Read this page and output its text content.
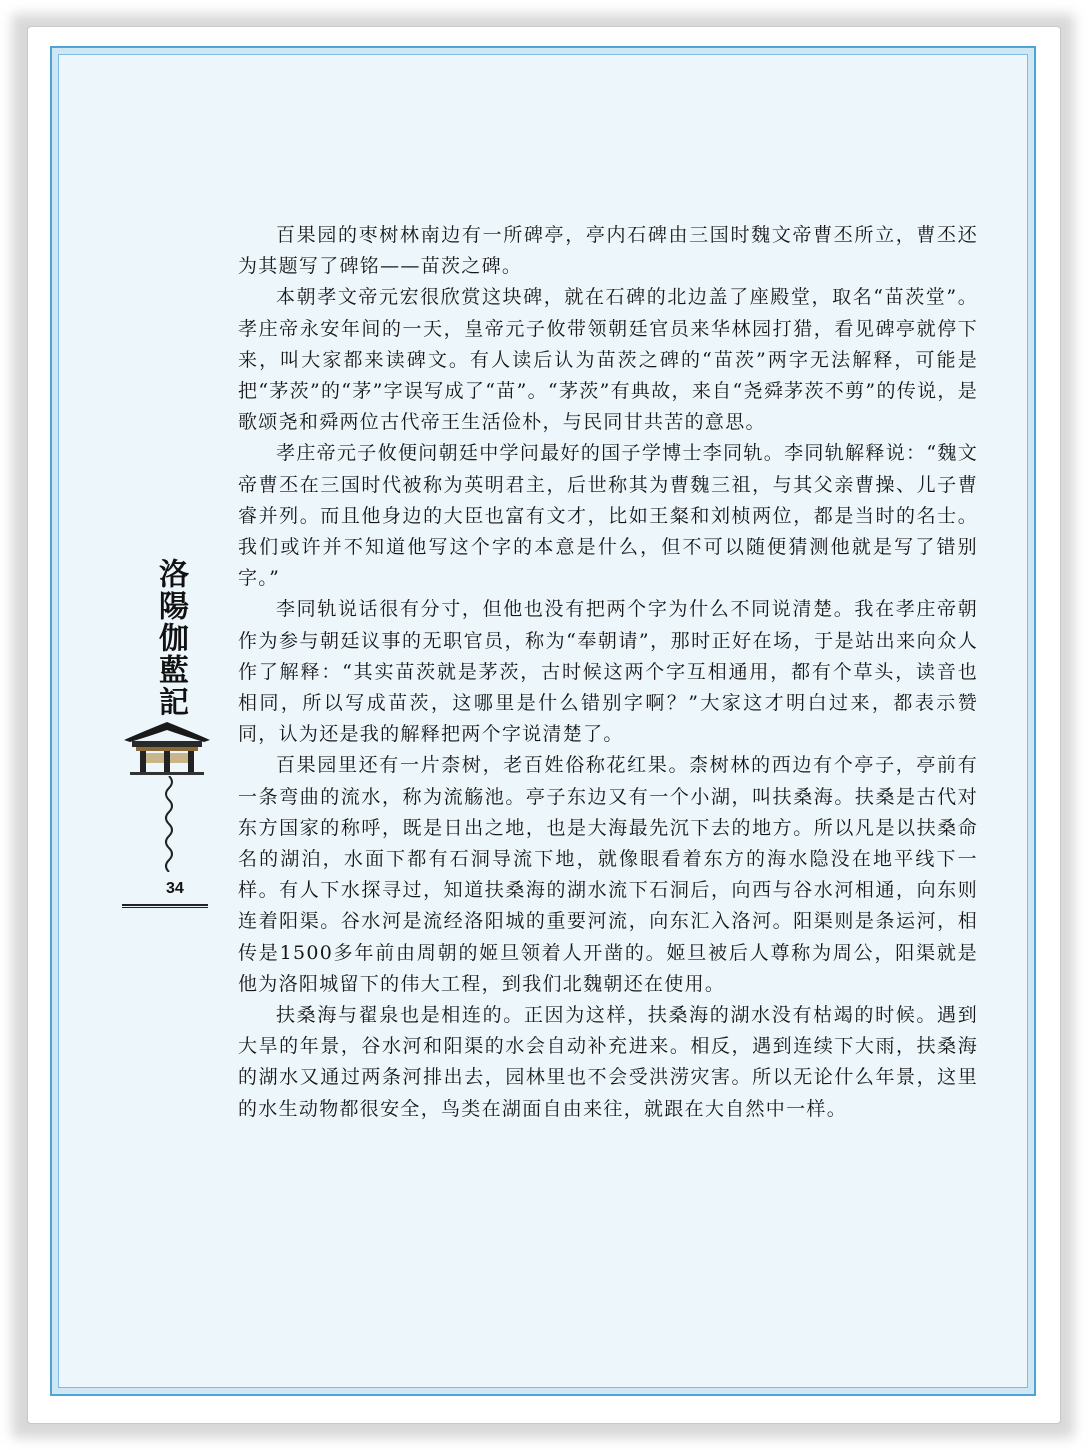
百果园的枣树林南边有一所碑亭，亭内石碑由三国时魏文帝曹丕所立，曹丕还为其题写了碑铭——苗茨之碑。

本朝孝文帝元宏很欣赏这块碑，就在石碑的北边盖了座殿堂，取名“苗茨堂”。孝庄帝永安年间的一天，皇帝元子攸带领朝廷官员来华林园打猎，看见碑亭就停下来，叫大家都来读碑文。有人读后认为苗茨之碑的“苗茨”两字无法解释，可能是把“茅茨”的“茅”字误写成了“苗”。“茅茨”有典故，来自“尧舜茅茨不剪”的传说，是歌颂尧和舜两位古代帝王生活俭朴，与民同甘共苦的意思。

孝庄帝元子攸便问朝廷中学问最好的国子学博士李同轨。李同轨解释说：“魏文帝曹丕在三国时代被称为英明君主，后世称其为曹魏三祖，与其父亲曹操、儿子曹睿并列。而且他身边的大臣也富有文才，比如王粲和刘桢两位，都是当时的名士。我们或许并不知道他写这个字的本意是什么，但不可以随便猜测他就是写了错别字。”

李同轨说话很有分寸，但他也没有把两个字为什么不同说清楚。我在孝庄帝朝作为参与朝廷议事的无职官员，称为“奉朝请”，那时正好在场，于是站出来向众人作了解释：“其实苗茨就是茅茨，古时候这两个字互相通用，都有个草头，读音也相同，所以写成苗茨，这哪里是什么错别字啊？”大家这才明白过来，都表示赞同，认为还是我的解释把两个字说清楚了。

百果园里还有一片柰树，老百姓俗称花红果。柰树林的西边有个亭子，亭前有一条弯曲的流水，称为流觞池。亭子东边又有一个小湖，叫扶桑海。扶桑是古代对东方国家的称呼，既是日出之地，也是大海最先沉下去的地方。所以凡是以扶桑命名的湖泊，水面下都有石洞导流下地，就像眼看着东方的海水隐没在地平线下一样。有人下水探寻过，知道扶桑海的湖水流下石洞后，向西与谷水河相通，向东则连着阳渠。谷水河是流经洛阳城的重要河流，向东汇入洛河。阳渠则是条运河，相传是1500多年前由周朝的姬旦领着人开凿的。姬旦被后人尊称为周公，阳渠就是他为洛阳城留下的伟大工程，到我们北魏朝还在使用。

扶桑海与翟泉也是相连的。正因为这样，扶桑海的湖水没有枯竭的时候。遇到大旱的年景，谷水河和阳渠的水会自动补充进来。相反，遇到连续下大雨，扶桑海的湖水又通过两条河排出去，园林里也不会受洪涝灾害。所以无论什么年景，这里的水生动物都很安全，鸟类在湖面自由来往，就跟在大自然中一样。

洛陽伽藍記
34
